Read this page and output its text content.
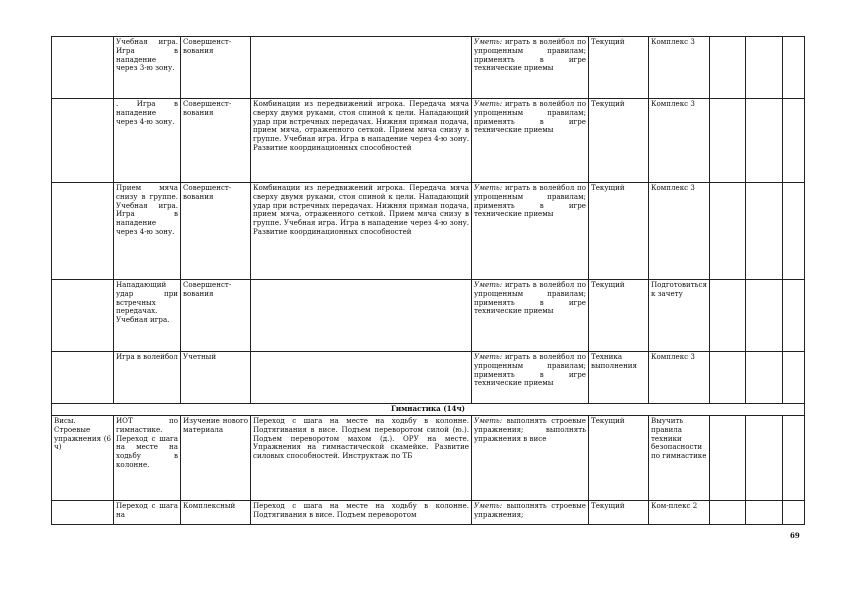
	Учебная игра. Игра в нападение через 3-ю зону.	Совершенст-вования		Уметь: играть в волейбол по упрощенным правилам; применять в игре технические приемы	Текущий	Комплекс 3			
	. Игра в нападение через 4-ю зону.	Совершенст-вования	Комбинации из передвижений игрока. Передача мяча сверху двумя руками, стоя спиной к цели. Нападающий удар при встречных передачах. Нижняя прямая подача, прием мяча, отраженного сеткой. Прием мяча снизу в группе. Учебная игра. Игра в нападение через 4-ю зону. Развитие координационных способностей	Уметь: играть в волейбол по упрощенным правилам; применять в игре технические приемы	Текущий	Комплекс 3			
	Прием мяча снизу в группе. Учебная игра. Игра в нападение через 4-ю зону.	Совершенст-вования	Комбинации из передвижений игрока. Передача мяча сверху двумя руками, стоя спиной к цели. Нападающий удар при встречных передачах. Нижняя прямая подача, прием мяча, отраженного сеткой. Прием мяча снизу в группе. Учебная игра. Игра в нападение через 4-ю зону. Развитие координационных способностей	Уметь: играть в волейбол по упрощенным правилам; применять в игре технические приемы	Текущий	Комплекс 3			
	Нападающий удар при встречных передачах. Учебная игра.	Совершенст-вования		Уметь: играть в волейбол по упрощенным правилам; применять в игре технические приемы	Текущий	Подготовиться к зачету			
	Игра в волейбол	Учетный		Уметь: играть в волейбол по упрощенным правилам; применять в игре технические приемы	Техника выполнения	Комплекс 3			
Гимнастика (14ч)									
Висы. Строевые упражнения (6 ч)	ИОТ по гимнастике. Переход с шага на месте на ходьбу в колонне.	Изучение нового материала	Переход с шага на месте на ходьбу в колонне. Подтягивания в висе. Подъем переворотом силой (ю.). Подъем переворотом махом (д.). ОРУ на месте. Упражнения на гимнастической скамейке. Развитие силовых способностей. Инструктаж по ТБ	Уметь: выполнять строевые упражнения; выполнять упражнения в висе	Текущий	Выучить правила техники безопасности по гимнастике			
	Переход с шага на	Комплексный	Переход с шага на месте на ходьбу в колонне. Подтягивания в висе. Подъем переворотом	Уметь: выполнять строевые упражнения;	Текущий	Ком-плекс 2			
69
